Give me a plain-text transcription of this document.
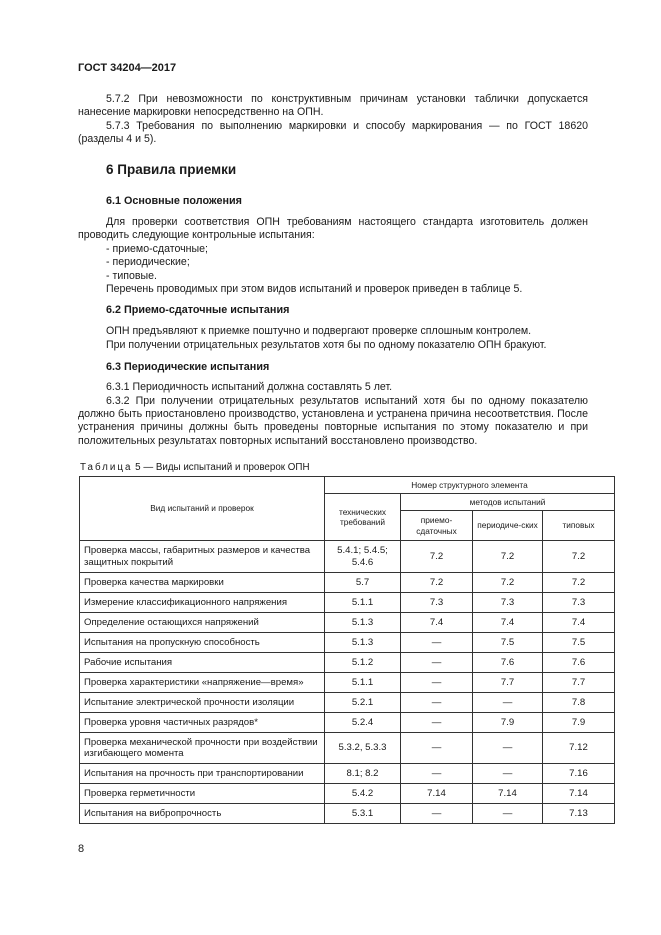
ГОСТ 34204—2017
5.7.2 При невозможности по конструктивным причинам установки таблички допускается нанесение маркировки непосредственно на ОПН.
5.7.3 Требования по выполнению маркировки и способу маркирования — по ГОСТ 18620 (разделы 4 и 5).
6 Правила приемки
6.1 Основные положения
Для проверки соответствия ОПН требованиям настоящего стандарта изготовитель должен проводить следующие контрольные испытания:
- приемо-сдаточные;
- периодические;
- типовые.
Перечень проводимых при этом видов испытаний и проверок приведен в таблице 5.
6.2 Приемо-сдаточные испытания
ОПН предъявляют к приемке поштучно и подвергают проверке сплошным контролем.
При получении отрицательных результатов хотя бы по одному показателю ОПН бракуют.
6.3 Периодические испытания
6.3.1 Периодичность испытаний должна составлять 5 лет.
6.3.2 При получении отрицательных результатов испытаний хотя бы по одному показателю должно быть приостановлено производство, установлена и устранена причина несоответствия. После устранения причины должны быть проведены повторные испытания по этому показателю и при положительных результатах повторных испытаний восстановлено производство.
Таблица 5 — Виды испытаний и проверок ОПН
Вид испытаний и проверок	Номер структурного элемента			
	технических требований	методов испытаний		
		приемо-сдаточных	периодиче-ских	типовых
Проверка массы, габаритных размеров и качества защитных покрытий	5.4.1; 5.4.5; 5.4.6	7.2	7.2	7.2
Проверка качества маркировки	5.7	7.2	7.2	7.2
Измерение классификационного напряжения	5.1.1	7.3	7.3	7.3
Определение остающихся напряжений	5.1.3	7.4	7.4	7.4
Испытания на пропускную способность	5.1.3	—	7.5	7.5
Рабочие испытания	5.1.2	—	7.6	7.6
Проверка характеристики «напряжение—время»	5.1.1	—	7.7	7.7
Испытание электрической прочности изоляции	5.2.1	—	—	7.8
Проверка уровня частичных разрядов*	5.2.4	—	7.9	7.9
Проверка механической прочности при воздействии изгибающего момента	5.3.2, 5.3.3	—	—	7.12
Испытания на прочность при транспортировании	8.1; 8.2	—	—	7.16
Проверка герметичности	5.4.2	7.14	7.14	7.14
Испытания на вибропрочность	5.3.1	—	—	7.13
8
